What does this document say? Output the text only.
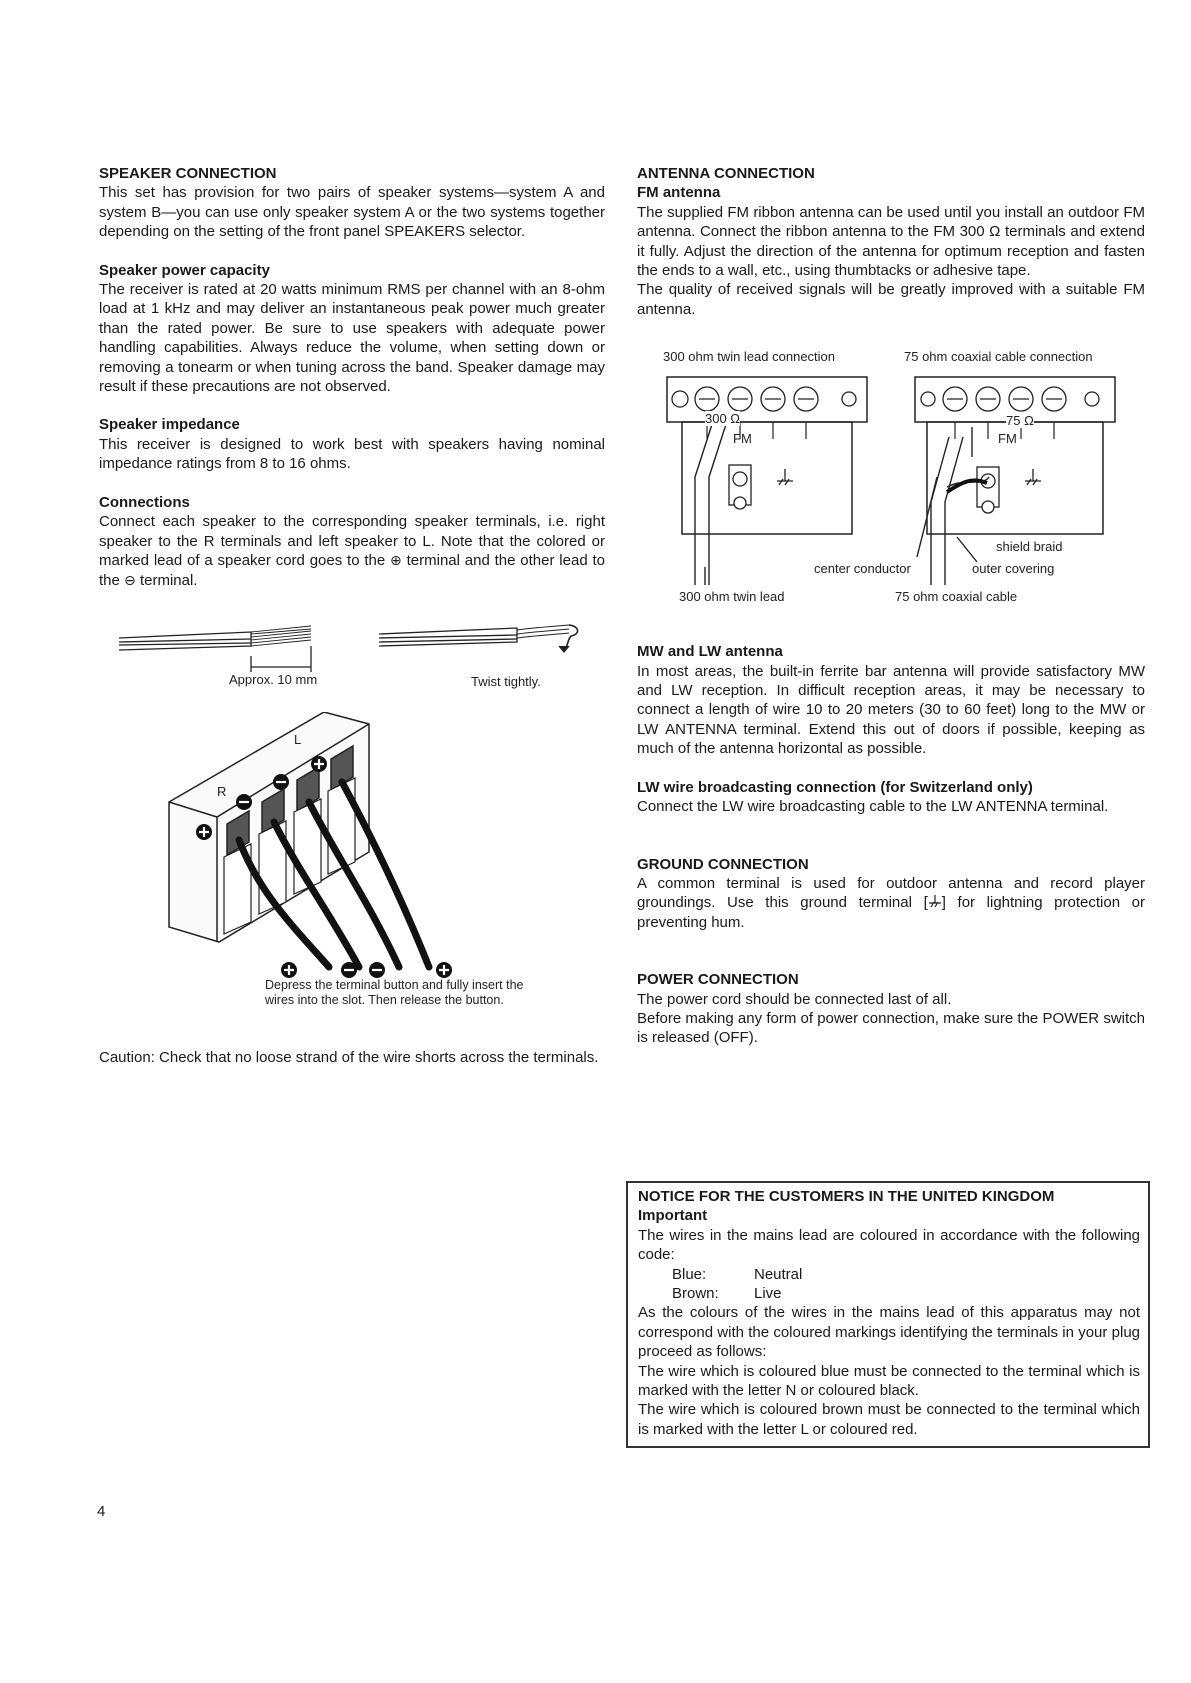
SPEAKER CONNECTION

This set has provision for two pairs of speaker systems—system A and system B—you can use only speaker system A or the two systems together depending on the setting of the front panel SPEAKERS selector.

Speaker power capacity

The receiver is rated at 20 watts minimum RMS per channel with an 8-ohm load at 1 kHz and may deliver an instantaneous peak power much greater than the rated power. Be sure to use speakers with adequate power handling capabilities. Always reduce the volume, when setting down or removing a tonearm or when tuning across the band. Speaker damage may result if these precautions are not observed.

Speaker impedance

This receiver is designed to work best with speakers having nominal impedance ratings from 8 to 16 ohms.

Connections

Connect each speaker to the corresponding speaker terminals, i.e. right speaker to the R terminals and left speaker to L. Note that the colored or marked lead of a speaker cord goes to the ⊕ terminal and the other lead to the ⊖ terminal.

Approx. 10 mm	Twist tightly.
L
R
Depress the terminal button and fully insert the wires into the slot. Then release the button.

Caution: Check that no loose strand of the wire shorts across the terminals.

ANTENNA CONNECTION
FM antenna

The supplied FM ribbon antenna can be used until you install an outdoor FM antenna. Connect the ribbon antenna to the FM 300 Ω terminals and extend it fully. Adjust the direction of the antenna for optimum reception and fasten the ends to a wall, etc., using thumbtacks or adhesive tape.

The quality of received signals will be greatly improved with a suitable FM antenna.

300 ohm twin lead connection	75 ohm coaxial cable connection
300 Ω
FM
75 Ω
FM
shield braid
center conductor	outer covering
300 ohm twin lead	75 ohm coaxial cable
MW and LW antenna

In most areas, the built-in ferrite bar antenna will provide satisfactory MW and LW reception. In difficult reception areas, it may be necessary to connect a length of wire 10 to 20 meters (30 to 60 feet) long to the MW or LW ANTENNA terminal. Extend this out of doors if possible, keeping as much of the antenna horizontal as possible.

LW wire broadcasting connection (for Switzerland only)

Connect the LW wire broadcasting cable to the LW ANTENNA terminal.

GROUND CONNECTION

A common terminal is used for outdoor antenna and record player groundings. Use this ground terminal [ ] for lightning protection or preventing hum.

POWER CONNECTION

The power cord should be connected last of all.

Before making any form of power connection, make sure the POWER switch is released (OFF).

NOTICE FOR THE CUSTOMERS IN THE UNITED KINGDOM
Important

The wires in the mains lead are coloured in accordance with the following code:

Blue:	Neutral
Brown:	Live

As the colours of the wires in the mains lead of this apparatus may not correspond with the coloured markings identifying the terminals in your plug proceed as follows:

The wire which is coloured blue must be connected to the terminal which is marked with the letter N or coloured black.

The wire which is coloured brown must be connected to the terminal which is marked with the letter L or coloured red.

4
